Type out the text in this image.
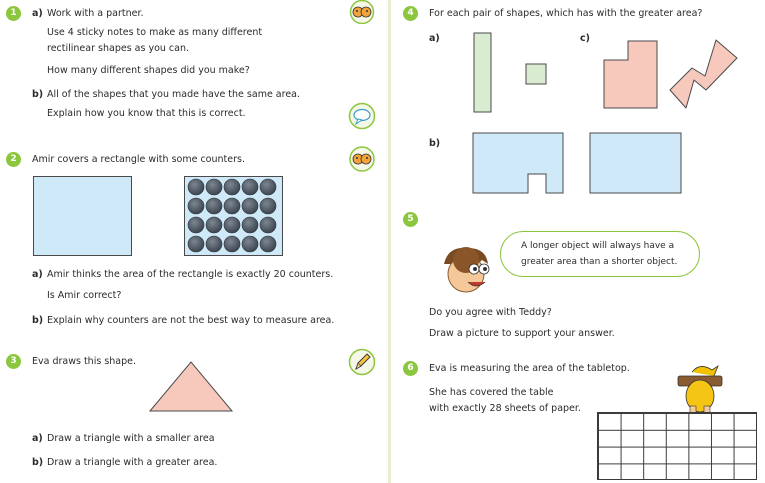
1	a) Work with a partner.
Use 4 sticky notes to make as many different
rectilinear shapes as you can.
How many different shapes did you make?
b) All of the shapes that you made have the same area.
Explain how you know that this is correct.
2	Amir covers a rectangle with some counters.
a) Amir thinks the area of the rectangle is exactly 20 counters.
Is Amir correct?
b) Explain why counters are not the best way to measure area.
3	Eva draws this shape.
a) Draw a triangle with a smaller area
b) Draw a triangle with a greater area.
4	For each pair of shapes, which has with the greater area?
a)	c)
b)
5
A longer object will always have a
greater area than a shorter object.
Do you agree with Teddy?
Draw a picture to support your answer.
6	Eva is measuring the area of the tabletop.
She has covered the table
with exactly 28 sheets of paper.
